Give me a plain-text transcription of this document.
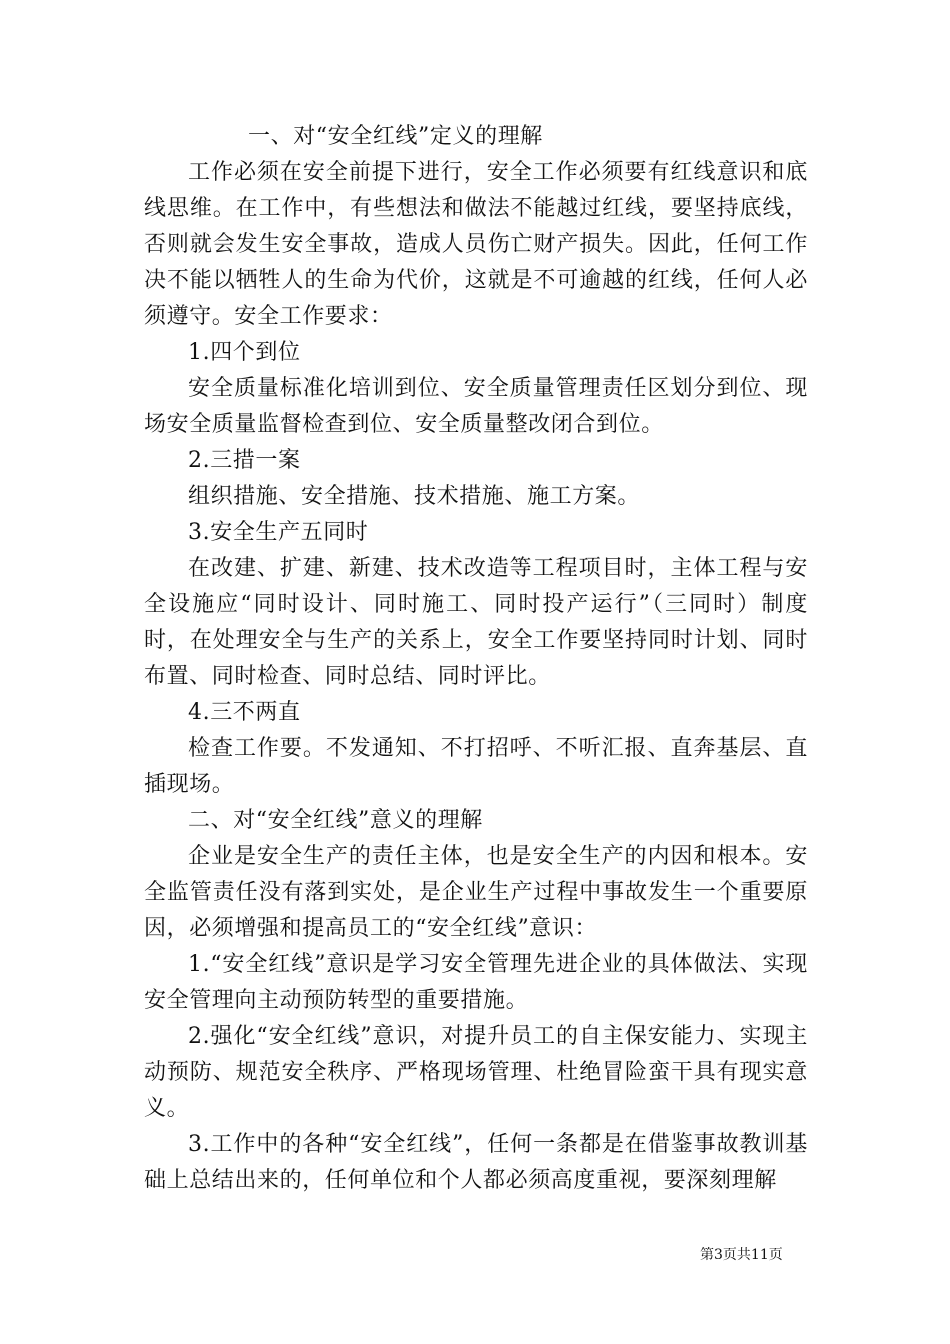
一、对“安全红线”定义的理解

工作必须在安全前提下进行，安全工作必须要有红线意识和底线思维。在工作中，有些想法和做法不能越过红线，要坚持底线，否则就会发生安全事故，造成人员伤亡财产损失。因此，任何工作决不能以牺牲人的生命为代价，这就是不可逾越的红线，任何人必须遵守。安全工作要求：

1.四个到位

安全质量标准化培训到位、安全质量管理责任区划分到位、现场安全质量监督检查到位、安全质量整改闭合到位。

2.三措一案

组织措施、安全措施、技术措施、施工方案。

3.安全生产五同时

在改建、扩建、新建、技术改造等工程项目时，主体工程与安全设施应“同时设计、同时施工、同时投产运行”（三同时）制度时，在处理安全与生产的关系上，安全工作要坚持同时计划、同时布置、同时检查、同时总结、同时评比。

4.三不两直

检查工作要。不发通知、不打招呼、不听汇报、直奔基层、直插现场。

二、对“安全红线”意义的理解

企业是安全生产的责任主体，也是安全生产的内因和根本。安全监管责任没有落到实处，是企业生产过程中事故发生一个重要原因，必须增强和提高员工的“安全红线”意识：

1.“安全红线”意识是学习安全管理先进企业的具体做法、实现安全管理向主动预防转型的重要措施。

2.强化“安全红线”意识，对提升员工的自主保安能力、实现主动预防、规范安全秩序、严格现场管理、杜绝冒险蛮干具有现实意义。

3.工作中的各种“安全红线”，任何一条都是在借鉴事故教训基础上总结出来的，任何单位和个人都必须高度重视，要深刻理解

第3页共11页
